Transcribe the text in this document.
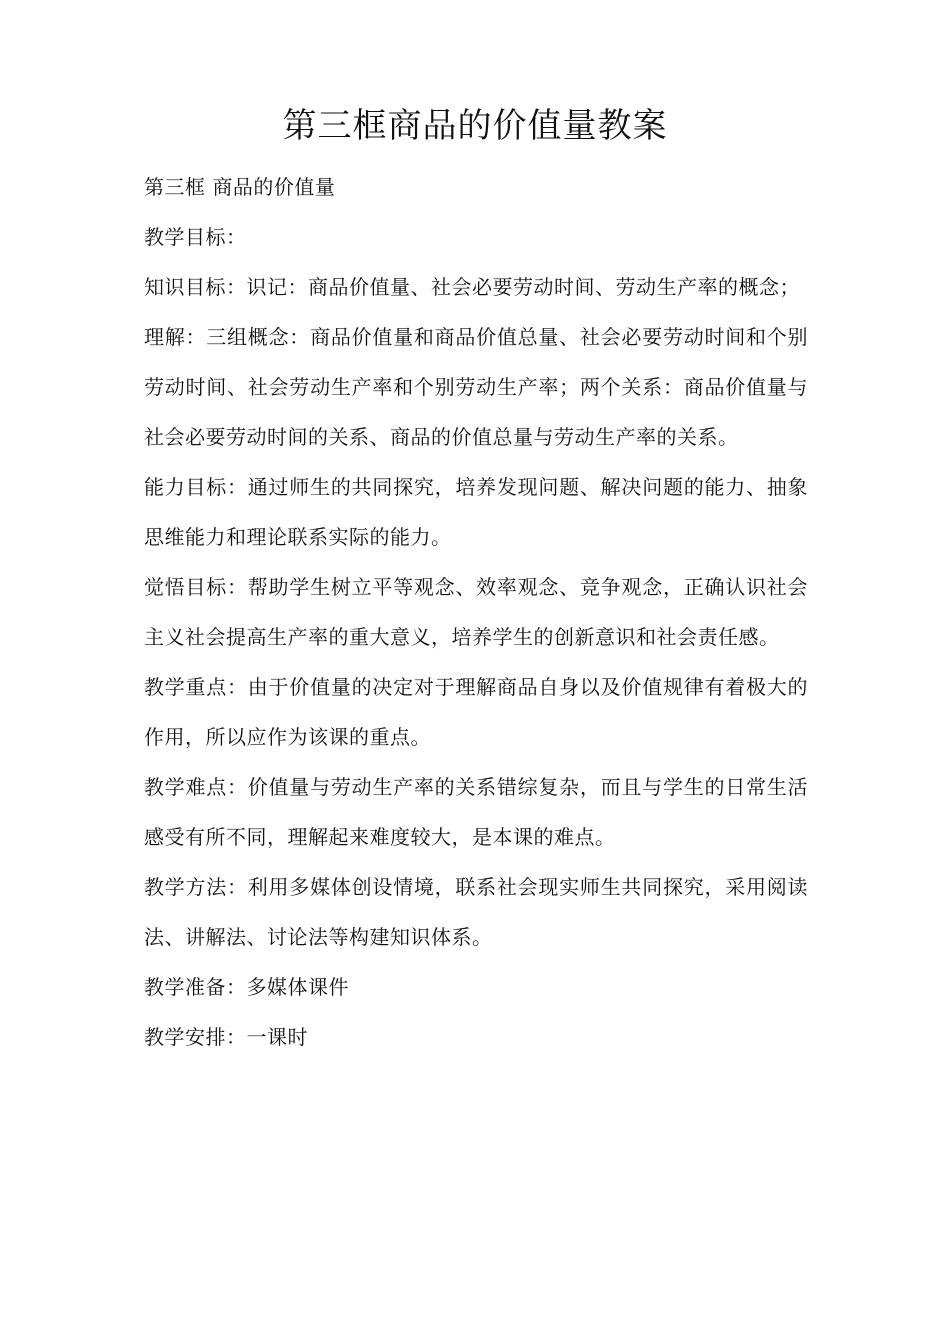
第三框商品的价值量教案

第三框 商品的价值量

教学目标：

知识目标：识记：商品价值量、社会必要劳动时间、劳动生产率的概念；

理解：三组概念：商品价值量和商品价值总量、社会必要劳动时间和个别劳动时间、社会劳动生产率和个别劳动生产率；两个关系：商品价值量与社会必要劳动时间的关系、商品的价值总量与劳动生产率的关系。

能力目标：通过师生的共同探究，培养发现问题、解决问题的能力、抽象思维能力和理论联系实际的能力。

觉悟目标：帮助学生树立平等观念、效率观念、竞争观念，正确认识社会主义社会提高生产率的重大意义，培养学生的创新意识和社会责任感。

教学重点：由于价值量的决定对于理解商品自身以及价值规律有着极大的作用，所以应作为该课的重点。

教学难点：价值量与劳动生产率的关系错综复杂，而且与学生的日常生活感受有所不同，理解起来难度较大，是本课的难点。

教学方法：利用多媒体创设情境，联系社会现实师生共同探究，采用阅读法、讲解法、讨论法等构建知识体系。

教学准备：多媒体课件

教学安排：一课时
